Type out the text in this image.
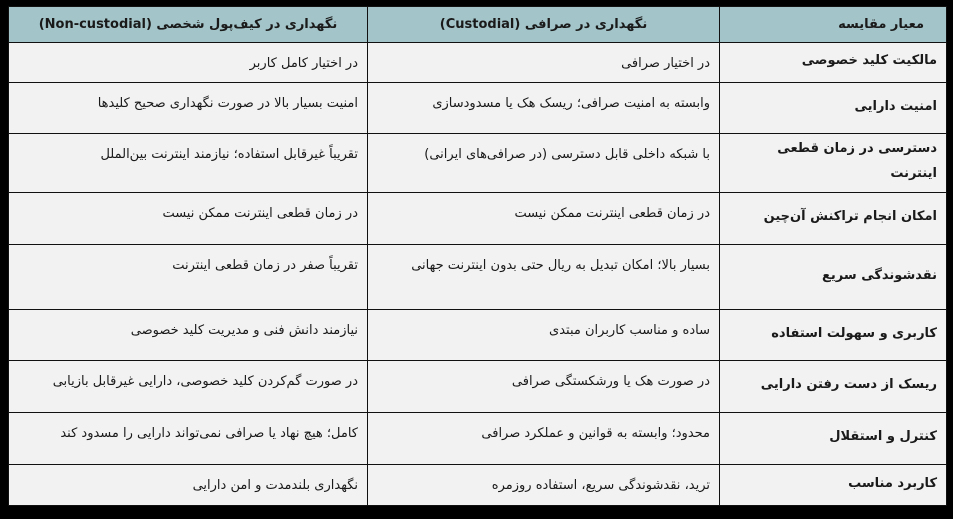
معیار مقایسه	نگهداری در صرافی (Custodial)	نگهداری در کیف‌پول شخصی (Non-custodial)
مالکیت کلید خصوصی	در اختیار صرافی	در اختیار کامل کاربر
امنیت دارایی	وابسته به امنیت صرافی؛ ریسک هک یا مسدودسازی	امنیت بسیار بالا در صورت نگهداری صحیح کلیدها
دسترسی در زمان قطعی اینترنت	با شبکه داخلی قابل دسترسی (در صرافی‌های ایرانی)	تقریباً غیرقابل استفاده؛ نیازمند اینترنت بین‌الملل
امکان انجام تراکنش آن‌چین	در زمان قطعی اینترنت ممکن نیست	در زمان قطعی اینترنت ممکن نیست
نقدشوندگی سریع	بسیار بالا؛ امکان تبدیل به ریال حتی بدون اینترنت جهانی	تقریباً صفر در زمان قطعی اینترنت
کاربری و سهولت استفاده	ساده و مناسب کاربران مبتدی	نیازمند دانش فنی و مدیریت کلید خصوصی
ریسک از دست رفتن دارایی	در صورت هک یا ورشکستگی صرافی	در صورت گم‌کردن کلید خصوصی، دارایی غیرقابل بازیابی
کنترل و استقلال	محدود؛ وابسته به قوانین و عملکرد صرافی	کامل؛ هیچ نهاد یا صرافی نمی‌تواند دارایی را مسدود کند
کاربرد مناسب	ترید، نقدشوندگی سریع، استفاده روزمره	نگهداری بلندمدت و امن دارایی
